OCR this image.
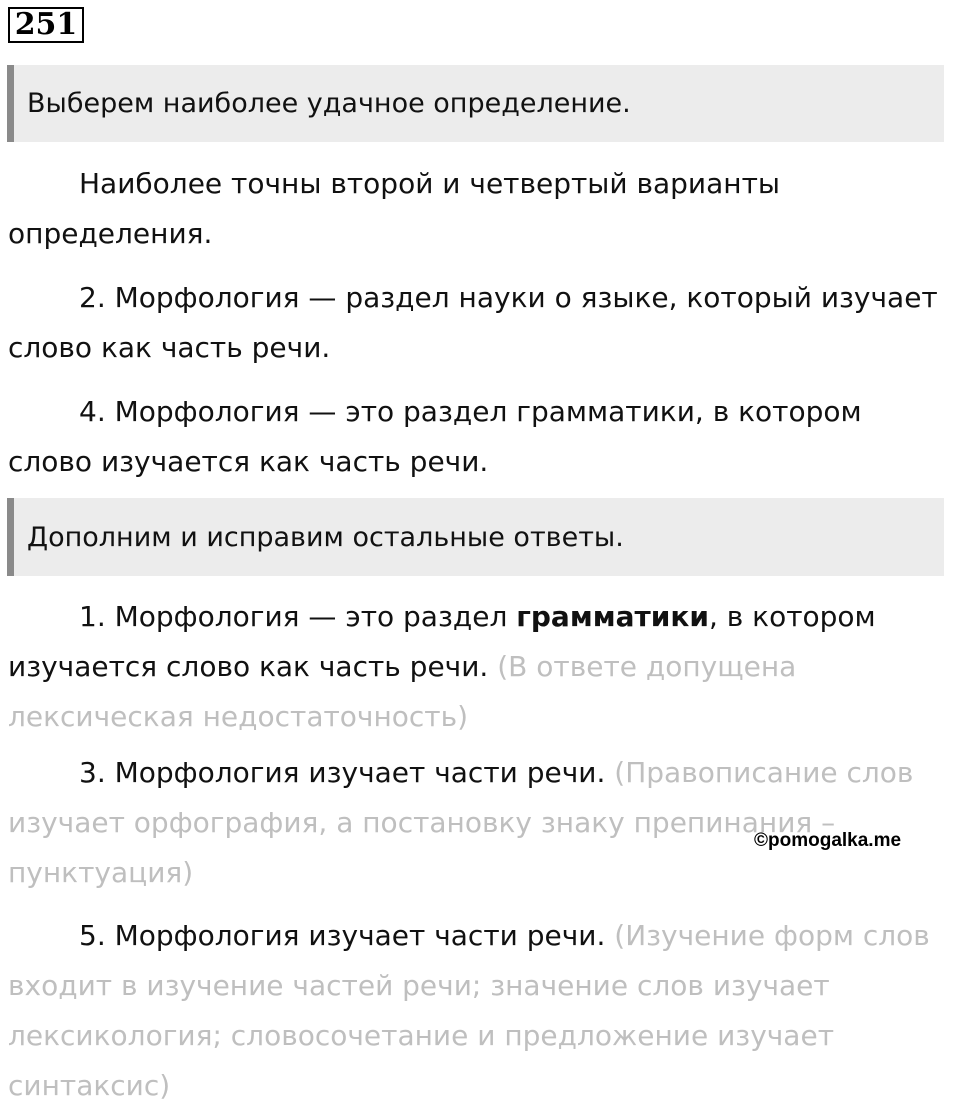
251
Выберем наиболее удачное определение.

Наиболее точны второй и четвертый варианты определения.

2. Морфология — раздел науки о языке, который изучает слово как часть речи.

4. Морфология — это раздел грамматики, в котором слово изучается как часть речи.

Дополним и исправим остальные ответы.

1. Морфология — это раздел грамматики, в котором изучается слово как часть речи. (В ответе допущена лексическая недостаточность)

3. Морфология изучает части речи. (Правописание слов изучает орфография, а постановку знаку препинания – пунктуация)

5. Морфология изучает части речи. (Изучение форм слов входит в изучение частей речи; значение слов изучает лексикология; словосочетание и предложение изучает синтаксис)

©pomogalka.me
